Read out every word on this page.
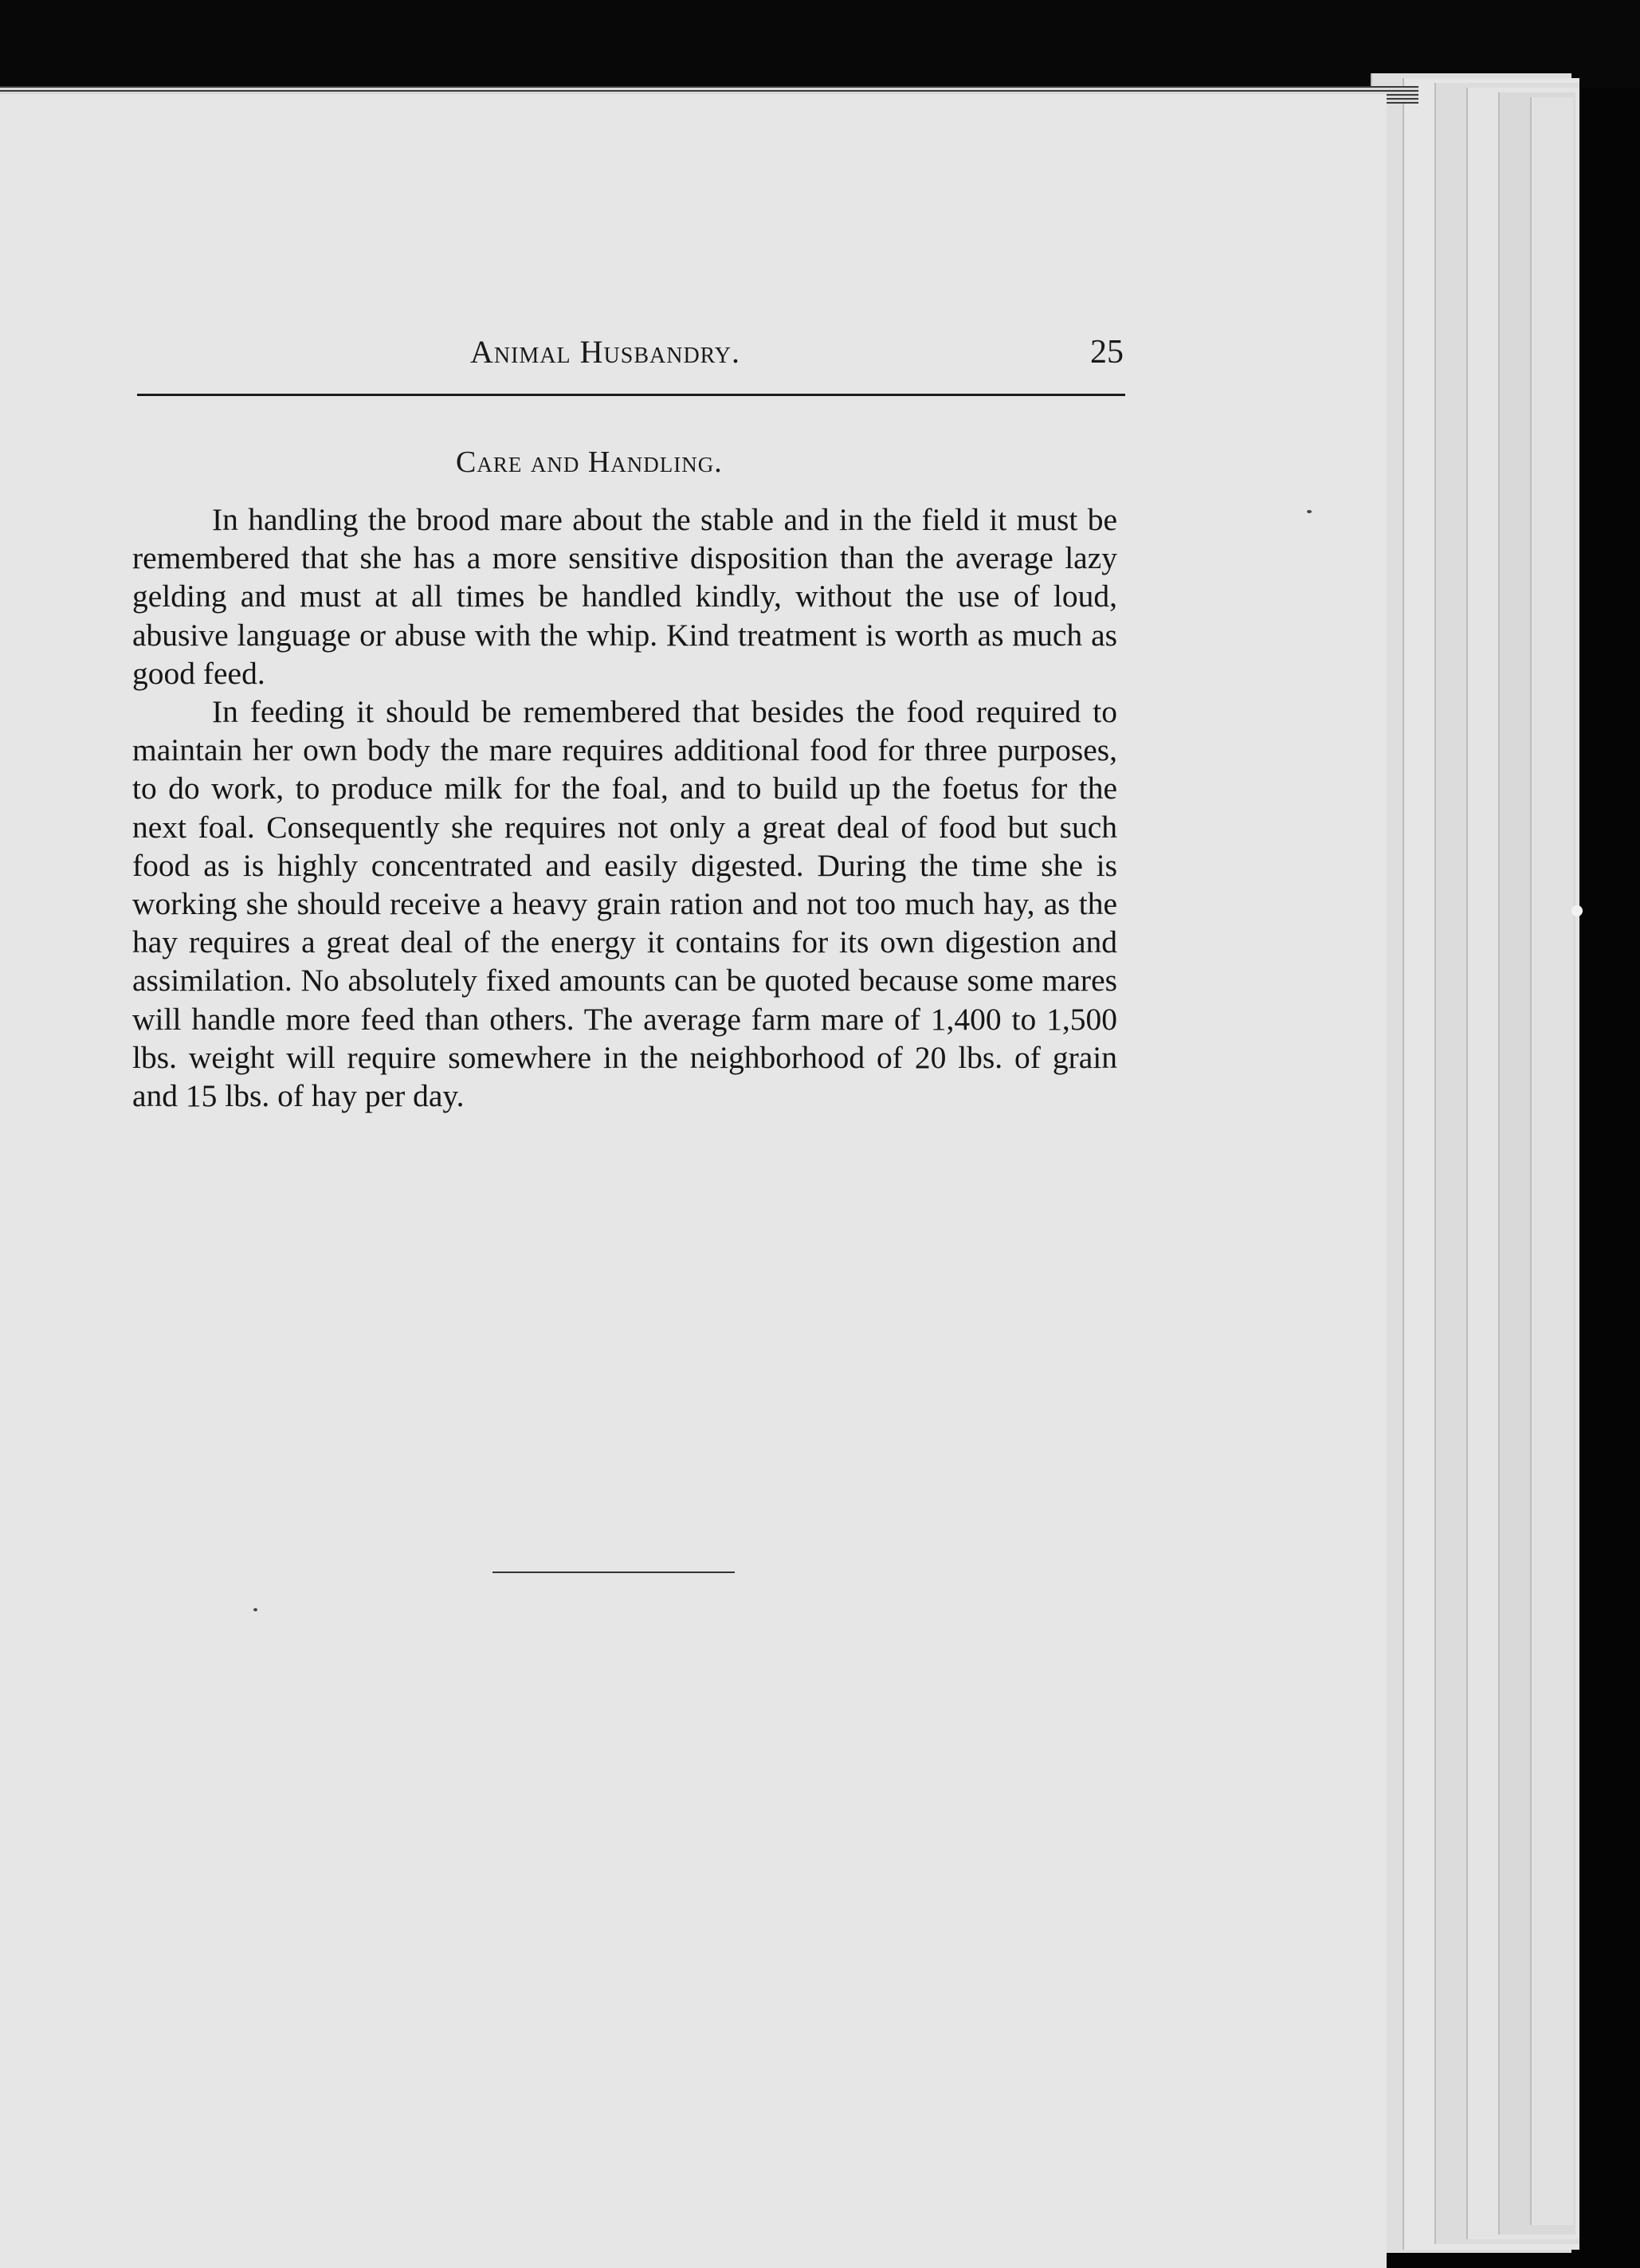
Animal Husbandry.	25
Care and Handling.

In handling the brood mare about the stable and in the field it must be remembered that she has a more sensitive disposition than the average lazy gelding and must at all times be handled kindly, without the use of loud, abusive language or abuse with the whip. Kind treatment is worth as much as good feed.

In feeding it should be remembered that besides the food required to maintain her own body the mare requires additional food for three purposes, to do work, to produce milk for the foal, and to build up the foetus for the next foal. Consequently she requires not only a great deal of food but such food as is highly concentrated and easily digested. During the time she is working she should receive a heavy grain ration and not too much hay, as the hay requires a great deal of the energy it contains for its own digestion and assimilation. No absolutely fixed amounts can be quoted because some mares will handle more feed than others. The average farm mare of 1,400 to 1,500 lbs. weight will require somewhere in the neighborhood of 20 lbs. of grain and 15 lbs. of hay per day.
